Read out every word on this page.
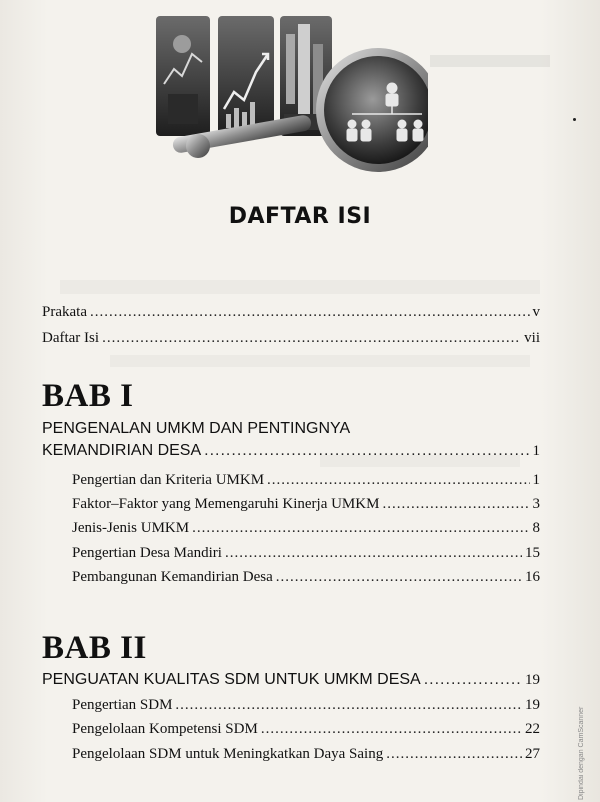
▬▬▬
DAFTAR ISI
Prakata .....	v
Daftar Isi .....	vii
BAB I
PENGENALAN UMKM DAN PENTINGNYA
KEMANDIRIAN DESA .....	1
Pengertian dan Kriteria UMKM .....	1
Faktor–Faktor yang Memengaruhi Kinerja UMKM .....	3
Jenis-Jenis UMKM .....	8
Pengertian Desa Mandiri .....	15
Pembangunan Kemandirian Desa .....	16
BAB II
PENGUATAN KUALITAS SDM UNTUK UMKM DESA .....	19
Pengertian SDM .....	19
Pengelolaan Kompetensi SDM .....	22
Pengelolaan SDM untuk Meningkatkan Daya Saing .....	27	Dipindai dengan CamScanner
